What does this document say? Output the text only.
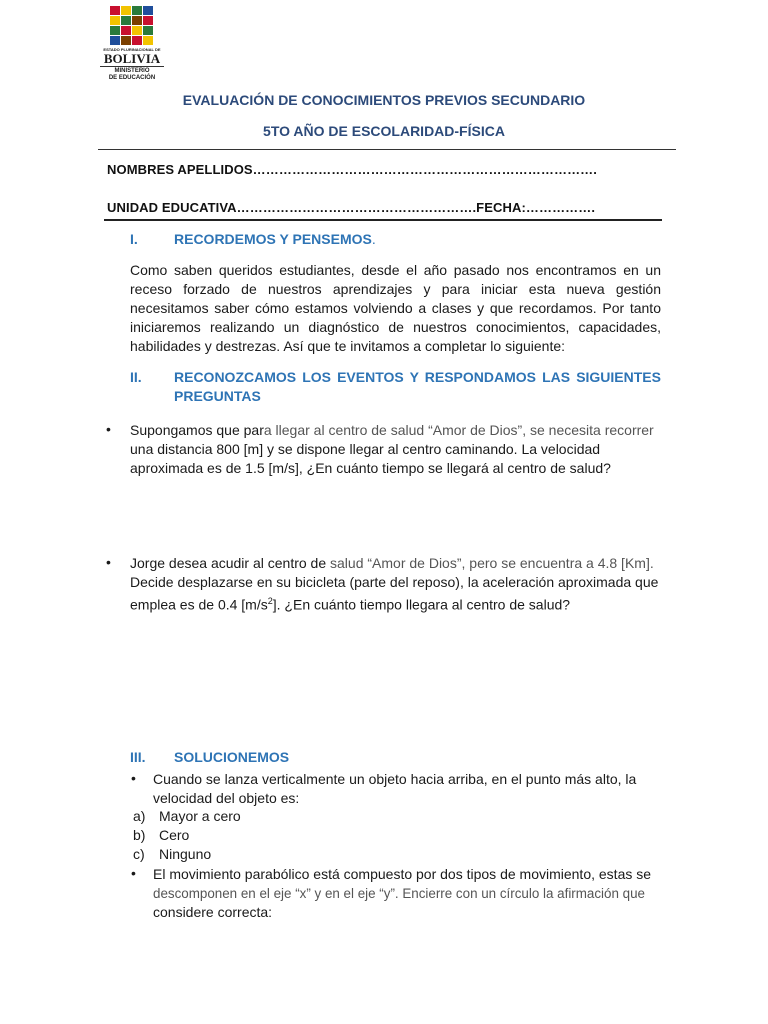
ESTADO PLURINACIONAL DE
BOLIVIA
MINISTERIO
DE EDUCACIÓN
EVALUACIÓN DE CONOCIMIENTOS PREVIOS SECUNDARIO
5TO AÑO DE ESCOLARIDAD-FÍSICA
NOMBRES APELLIDOS…………………………………………………………………….
UNIDAD EDUCATIVA……………………………………………….FECHA:…………….
I.	RECORDEMOS Y PENSEMOS.

Como saben queridos estudiantes, desde el año pasado nos encontramos en un

receso forzado de nuestros aprendizajes y para iniciar esta nueva gestión

necesitamos saber cómo estamos volviendo a clases y que recordamos. Por tanto

iniciaremos realizando un diagnóstico de nuestros conocimientos, capacidades,

habilidades y destrezas. Así que te invitamos a completar lo siguiente:

II. RECONOZCAMOS LOS EVENTOS Y RESPONDAMOS LAS SIGUIENTES
PREGUNTAS
• Supongamos que para llegar al centro de salud “Amor de Dios”, se necesita recorrer
una distancia 800 [m] y se dispone llegar al centro caminando. La velocidad
aproximada es de 1.5 [m/s], ¿En cuánto tiempo se llegará al centro de salud?
• Jorge desea acudir al centro de salud “Amor de Dios”, pero se encuentra a 4.8 [Km].
Decide desplazarse en su bicicleta (parte del reposo), la aceleración aproximada que
emplea es de 0.4 $[m/s^2]$. ¿En cuánto tiempo llegara al centro de salud?
III. SOLUCIONEMOS
• Cuando se lanza verticalmente un objeto hacia arriba, en el punto más alto, la
velocidad del objeto es:
a) Mayor a cero
b) Cero
c) Ninguno
• El movimiento parabólico está compuesto por dos tipos de movimiento, estas se
descomponen en el eje “x” y en el eje “y”. Encierre con un círculo la afirmación que
considere correcta:
